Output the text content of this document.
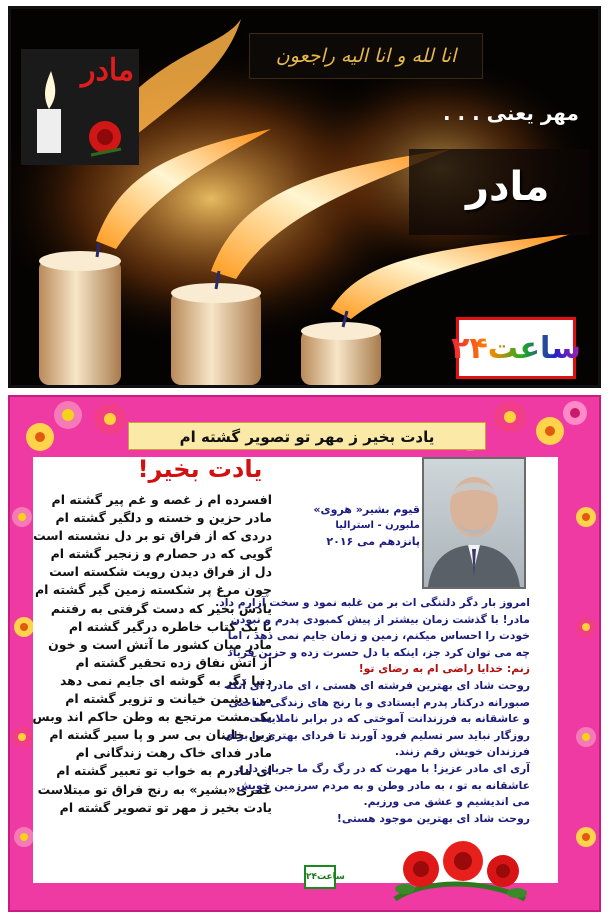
انا لله و انا الیه راجعون
مادر
مهر یعنی . . .
مادر
۲۴ساعت
یادت بخیر ز مهر تو تصویر گشته ام
یادت بخیر!
افسرده ام ز غصه و غم پیر گشته ام
مادر حزین و خسته و دلگیر گشته ام
دردی که از فراق تو بر دل نشسته است
گویی که در حصارم و زنجیر گشته ام
دل از فراق دیدن رویت شکسته است
چون مرغ پر شکسته زمین گیر گشته ام
یادش بخیر که دست گرفتی به رفتنم
با یک کتاب خاطره درگیر گشته ام
مادر میان کشور ما آتش است و خون
از آتش نفاق زده تحقیر گشته ام
دنیا دگر به گوشه ای جایم نمی دهد
من دشمن خیانت و تزویر گشته ام
یک مشت مرتجع به وطن حاکم اند وبس
زین خاینان بی سر و پا سیر گشته ام
مادر فدای خاک رهت زندگانی ام
ای مادرم به خواب تو تعبیر گشته ام
عمری«بشیر» به رنج فراق تو مبتلاست
یادت بخیر ز مهر تو تصویر گشته ام
قیوم بشیر« هروی»
ملبورن - استرالیا
پانزدهم می ۲۰۱۶
امروز بار دگر دلتنگی ات بر من غلبه نمود و سخت آزارم داد.
مادر! با گذشت زمان بیشتر از پیش کمبودی پدرم و نبودن
خودت را احساس میکنم، زمین و زمان جایم نمی دهد ، اما
چه می توان کرد جز، اینکه با دل حسرت زده و حزین فریاد
زنم: خدایا راضی ام به رضای تو!
روحت شاد ای بهترین فرشته ای هستی ، ای مادر، ای آنکه
صبورانه درکنار پدرم ایستادی و با رنج های زندگی ساختی
و عاشقانه به فرزندانت آموختی که در برابر ناملایمات
روزگار نباید سر تسلیم فرود آورند تا فردای بهتری را برای
فرزندان خویش رقم زنند.
آری ای مادر عزیز! با مهرت که در رگ رگ ما جریان دارد
عاشقانه به تو ، به مادر وطن و به مردم سرزمین خویش
می اندیشیم و عشق می ورزیم.
روحت شاد ای بهترین موجود هستی!
۲۴ساعت
